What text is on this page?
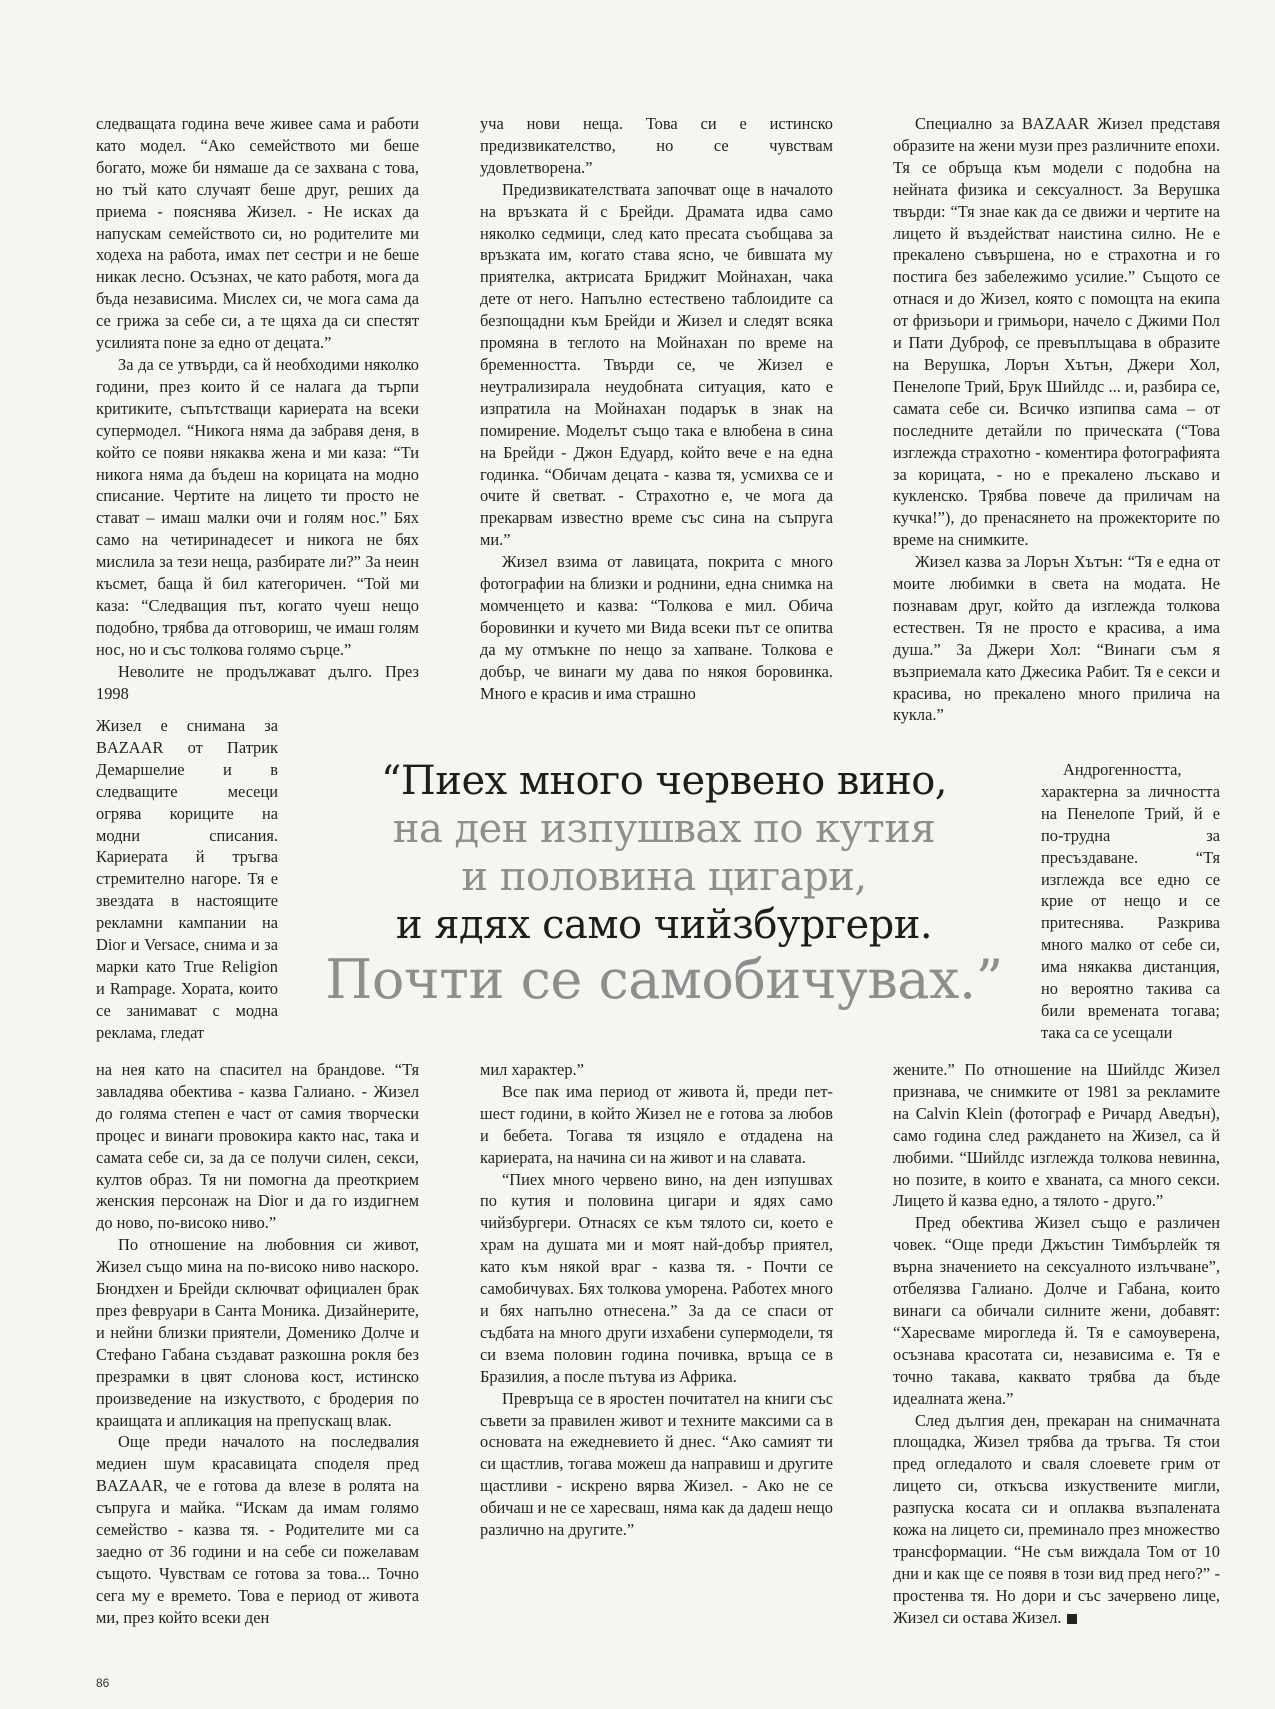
следващата година вече живее сама и работи като модел. “Ако семейството ми беше богато, може би нямаше да се захвана с това, но тъй като случаят беше друг, реших да приема - пояснява Жизел. - Не исках да напускам семейството си, но родителите ми ходеха на работа, имах пет сестри и не беше никак лесно. Осъзнах, че като работя, мога да бъда независима. Мислех си, че мога сама да се грижа за себе си, а те щяха да си спестят усилията поне за едно от децата.”

За да се утвърди, са й необходими няколко години, през които й се налага да търпи критиките, съпътстващи кариерата на всеки супермодел. “Никога няма да забравя деня, в който се появи някаква жена и ми каза: “Ти никога няма да бъдеш на корицата на модно списание. Чертите на лицето ти просто не стават – имаш малки очи и голям нос.” Бях само на четиринадесет и никога не бях мислила за тези неща, разбирате ли?” За неин късмет, баща й бил категоричен. “Той ми каза: “Следващия път, когато чуеш нещо подобно, трябва да отговориш, че имаш голям нос, но и със толкова голямо сърце.”

Неволите не продължават дълго. През 1998

Жизел е снимана за BAZAAR от Патрик Демаршелие и в следващите месеци огрява кориците на модни списания. Кариерата й тръгва стремително нагоре. Тя е звездата в настоящите рекламни кампании на Dior и Versace, снима и за марки като True Religion и Rampage. Хората, които се занимават с модна реклама, гледат

на нея като на спасител на брандове. “Тя завладява обектива - казва Галиано. - Жизел до голяма степен е част от самия творчески процес и винаги провокира както нас, така и самата себе си, за да се получи силен, секси, култов образ. Тя ни помогна да преоткрием женския персонаж на Dior и да го издигнем до ново, по-високо ниво.”

По отношение на любовния си живот, Жизел също мина на по-високо ниво наскоро. Бюндхен и Брейди сключват официален брак през февруари в Санта Моника. Дизайнерите, и нейни близки приятели, Доменико Долче и Стефано Габана създават разкошна рокля без презрамки в цвят слонова кост, истинско произведение на изкуството, с бродерия по краищата и апликация на препускащ влак.

Още преди началото на последвалия медиен шум красавицата споделя пред BAZAAR, че е готова да влезе в ролята на съпруга и майка. “Искам да имам голямо семейство - казва тя. - Родителите ми са заедно от 36 години и на себе си пожелавам същото. Чувствам се готова за това... Точно сега му е времето. Това е период от живота ми, през който всеки ден

уча нови неща. Това си е истинско предизвикателство, но се чувствам удовлетворена.”

Предизвикателствата започват още в началото на връзката й с Брейди. Драмата идва само няколко седмици, след като пресата съобщава за връзката им, когато става ясно, че бившата му приятелка, актрисата Бриджит Мойнахан, чака дете от него. Напълно естествено таблоидите са безпощадни към Брейди и Жизел и следят всяка промяна в теглото на Мойнахан по време на бременността. Твърди се, че Жизел е неутрализирала неудобната ситуация, като е изпратила на Мойнахан подарък в знак на помирение. Моделът също така е влюбена в сина на Брейди - Джон Едуард, който вече е на една годинка. “Обичам децата - казва тя, усмихва се и очите й светват. - Страхотно е, че мога да прекарвам известно време със сина на съпруга ми.”

Жизел взима от лавицата, покрита с много фотографии на близки и роднини, една снимка на момченцето и казва: “Толкова е мил. Обича боровинки и кучето ми Вида всеки път се опитва да му отмъкне по нещо за хапване. Толкова е добър, че винаги му дава по някоя боровинка. Много е красив и има страшно

мил характер.”

Все пак има период от живота й, преди пет-шест години, в който Жизел не е готова за любов и бебета. Тогава тя изцяло е отдадена на кариерата, на начина си на живот и на славата.

“Пиех много червено вино, на ден изпушвах по кутия и половина цигари и ядях само чийзбургери. Отнасях се към тялото си, което е храм на душата ми и моят най-добър приятел, като към някой враг - казва тя. - Почти се самобичувах. Бях толкова уморена. Работех много и бях напълно отнесена.” За да се спаси от съдбата на много други изхабени супермодели, тя си взема половин година почивка, връща се в Бразилия, а после пътува из Африка.

Превръща се в яростен почитател на книги със съвети за правилен живот и техните максими са в основата на ежедневието й днес. “Ако самият ти си щастлив, тогава можеш да направиш и другите щастливи - искрено вярва Жизел. - Ако не се обичаш и не се харесваш, няма как да дадеш нещо различно на другите.”

Специално за BAZAAR Жизел представя образите на жени музи през различните епохи. Тя се обръща към модели с подобна на нейната физика и сексуалност. За Верушка твърди: “Тя знае как да се движи и чертите на лицето й въздействат наистина силно. Не е прекалено съвършена, но е страхотна и го постига без забележимо усилие.” Същото се отнася и до Жизел, която с помощта на екипа от фризьори и гримьори, начело с Джими Пол и Пати Дуброф, се превъплъщава в образите на Верушка, Лорън Хътън, Джери Хол, Пенелопе Трий, Брук Шийлдс ... и, разбира се, самата себе си. Всичко изпипва сама – от последните детайли по прическата (“Това изглежда страхотно - коментира фотографията за корицата, - но е прекалено лъскаво и кукленско. Трябва повече да приличам на кучка!”), до пренасянето на прожекторите по време на снимките.

Жизел казва за Лорън Хътън: “Тя е една от моите любимки в света на модата. Не познавам друг, който да изглежда толкова естествен. Тя не просто е красива, а има душа.” За Джери Хол: “Винаги съм я възприемала като Джесика Рабит. Тя е секси и красива, но прекалено много прилича на кукла.”

Андрогенността, характерна за личността на Пенелопе Трий, й е по-трудна за пресъздаване. “Тя изглежда все едно се крие от нещо и се притеснява. Разкрива много малко от себе си, има някаква дистанция, но вероятно такива са били времената тогава; така са се усещали

жените.” По отношение на Шийлдс Жизел признава, че снимките от 1981 за рекламите на Calvin Klein (фотограф е Ричард Аведън), само година след раждането на Жизел, са й любими. “Шийлдс изглежда толкова невинна, но позите, в които е хваната, са много секси. Лицето й казва едно, а тялото - друго.”

Пред обектива Жизел също е различен човек. “Още преди Джъстин Тимбърлейк тя върна значението на сексуалното излъчване”, отбелязва Галиано. Долче и Габана, които винаги са обичали силните жени, добавят: “Харесваме мирогледа й. Тя е самоуверена, осъзнава красотата си, независима е. Тя е точно такава, каквато трябва да бъде идеалната жена.”

След дългия ден, прекаран на снимачната площадка, Жизел трябва да тръгва. Тя стои пред огледалото и сваля слоевете грим от лицето си, откъсва изкуствените мигли, разпуска косата си и оплаква възпалената кожа на лицето си, преминало през множество трансформации. “Не съм виждала Том от 10 дни и как ще се появя в този вид пред него?” - простенва тя. Но дори и със зачервено лице, Жизел си остава Жизел.

“Пиех много червено вино,
на ден изпушвах по кутия
и половина цигари,
и ядях само чийзбургери.
Почти се самобичувах.”
86
